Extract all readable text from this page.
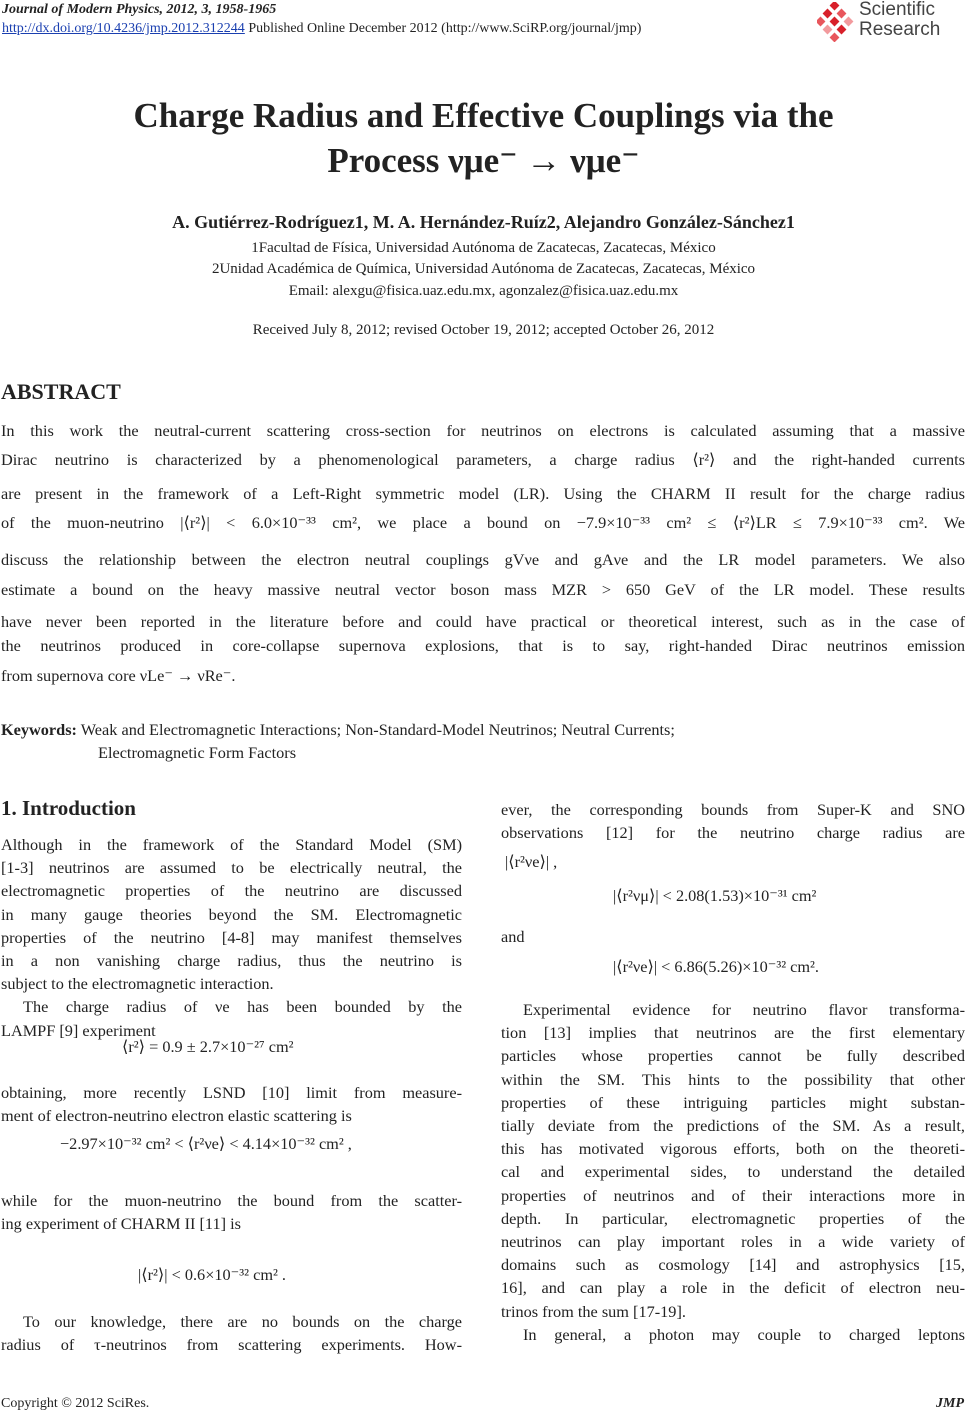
Journal of Modern Physics, 2012, 3, 1958-1965
http://dx.doi.org/10.4236/jmp.2012.312244 Published Online December 2012 (http://www.SciRP.org/journal/jmp)
Scientific
Research
Charge Radius and Effective Couplings via the
Process νμe⁻ → νμe⁻
A. Gutiérrez-Rodríguez1, M. A. Hernández-Ruíz2, Alejandro González-Sánchez1
1Facultad de Física, Universidad Autónoma de Zacatecas, Zacatecas, México
2Unidad Académica de Química, Universidad Autónoma de Zacatecas, Zacatecas, México
Email: alexgu@fisica.uaz.edu.mx, agonzalez@fisica.uaz.edu.mx
Received July 8, 2012; revised October 19, 2012; accepted October 26, 2012
ABSTRACT
In this work the neutral-current scattering cross-section for neutrinos on electrons is calculated assuming that a massive
Dirac neutrino is characterized by a phenomenological parameters, a charge radius ⟨r²⟩ and the right-handed currents
are present in the framework of a Left-Right symmetric model (LR). Using the CHARM II result for the charge radius
of the muon-neutrino |⟨r²⟩| < 6.0×10⁻³³ cm², we place a bound on −7.9×10⁻³³ cm² ≤ ⟨r²⟩LR ≤ 7.9×10⁻³³ cm². We
discuss the relationship between the electron neutral couplings gVνe and gAνe and the LR model parameters. We also
estimate a bound on the heavy massive neutral vector boson mass MZR > 650 GeV of the LR model. These results
have never been reported in the literature before and could have practical or theoretical interest, such as in the case of
the neutrinos produced in core-collapse supernova explosions, that is to say, right-handed Dirac neutrinos emission
from supernova core νLe⁻ → νRe⁻.
Keywords: Weak and Electromagnetic Interactions; Non-Standard-Model Neutrinos; Neutral Currents;
Electromagnetic Form Factors
1. Introduction
Although in the framework of the Standard Model (SM)
[1-3] neutrinos are assumed to be electrically neutral, the
electromagnetic properties of the neutrino are discussed
in many gauge theories beyond the SM. Electromagnetic
properties of the neutrino [4-8] may manifest themselves
in a non vanishing charge radius, thus the neutrino is
subject to the electromagnetic interaction.
The charge radius of νe has been bounded by the
LAMPF [9] experiment
⟨r²⟩ = 0.9 ± 2.7×10⁻²⁷ cm²
obtaining, more recently LSND [10] limit from measure-
ment of electron-neutrino electron elastic scattering is
−2.97×10⁻³² cm² < ⟨r²νe⟩ < 4.14×10⁻³² cm² ,
while for the muon-neutrino the bound from the scatter-
ing experiment of CHARM II [11] is
|⟨r²⟩| < 0.6×10⁻³² cm² .
To our knowledge, there are no bounds on the charge
radius of τ-neutrinos from scattering experiments. How-
ever, the corresponding bounds from Super-K and SNO
observations [12] for the neutrino charge radius are
|⟨r²νe⟩| ,
|⟨r²νμ⟩| < 2.08(1.53)×10⁻³¹ cm²
and
|⟨r²νe⟩| < 6.86(5.26)×10⁻³² cm².
Experimental evidence for neutrino flavor transforma-
tion [13] implies that neutrinos are the first elementary
particles whose properties cannot be fully described
within the SM. This hints to the possibility that other
properties of these intriguing particles might substan-
tially deviate from the predictions of the SM. As a result,
this has motivated vigorous efforts, both on the theoreti-
cal and experimental sides, to understand the detailed
properties of neutrinos and of their interactions more in
depth. In particular, electromagnetic properties of the
neutrinos can play important roles in a wide variety of
domains such as cosmology [14] and astrophysics [15,
16], and can play a role in the deficit of electron neu-
trinos from the sum [17-19].
In general, a photon may couple to charged leptons
Copyright © 2012 SciRes.	JMP
